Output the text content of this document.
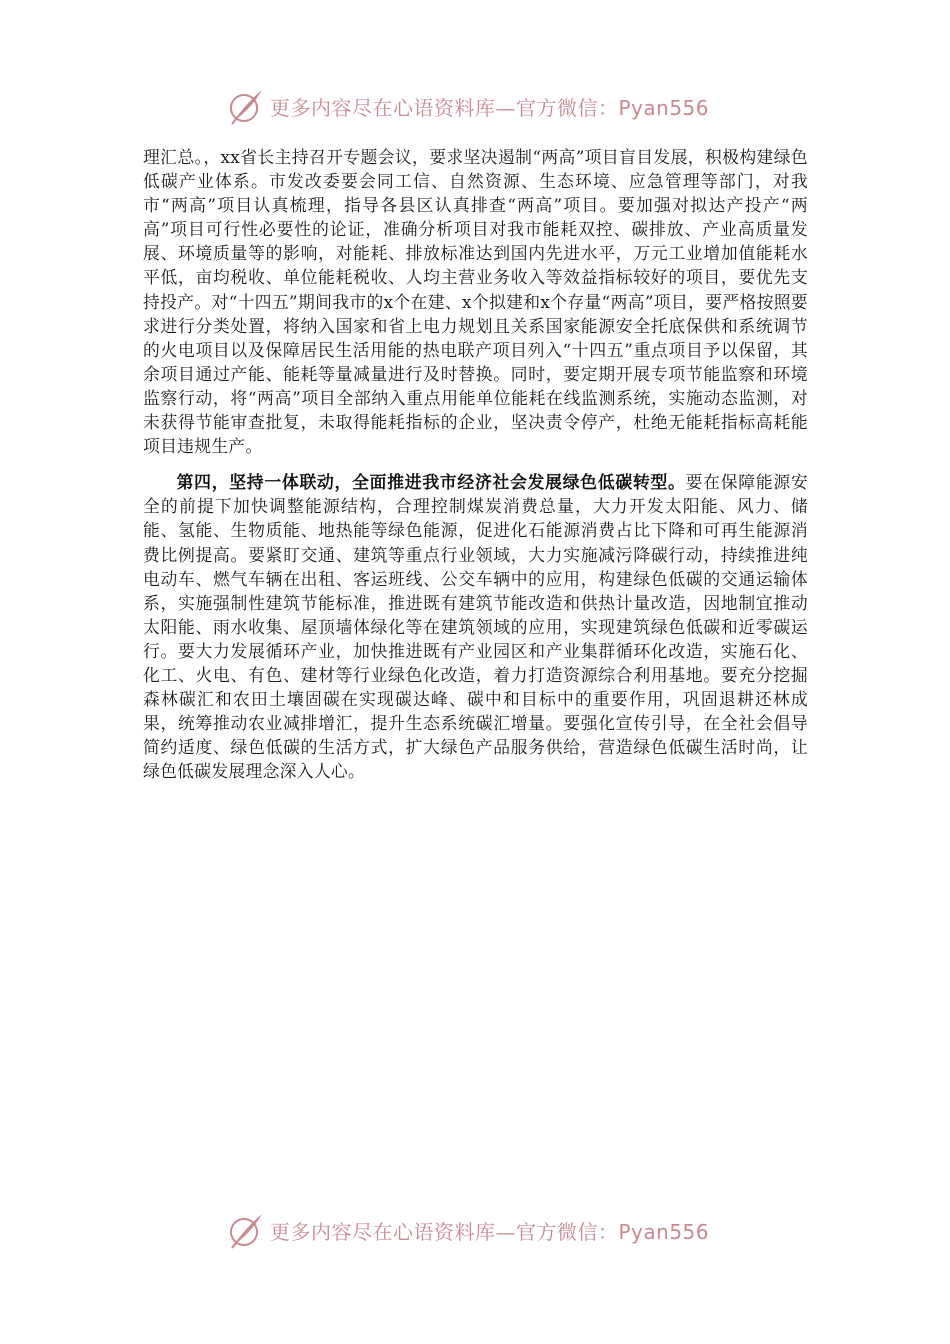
更多内容尽在心语资料库—官方微信：Pyan556

理汇总。，xx省长主持召开专题会议，要求坚决遏制“两高”项目盲目发展，积极构建绿色低碳产业体系。市发改委要会同工信、自然资源、生态环境、应急管理等部门，对我市“两高”项目认真梳理，指导各县区认真排查“两高”项目。要加强对拟达产投产“两高”项目可行性必要性的论证，准确分析项目对我市能耗双控、碳排放、产业高质量发展、环境质量等的影响，对能耗、排放标准达到国内先进水平，万元工业增加值能耗水平低，亩均税收、单位能耗税收、人均主营业务收入等效益指标较好的项目，要优先支持投产。对“十四五”期间我市的x个在建、x个拟建和x个存量“两高”项目，要严格按照要求进行分类处置，将纳入国家和省上电力规划且关系国家能源安全托底保供和系统调节的火电项目以及保障居民生活用能的热电联产项目列入“十四五”重点项目予以保留，其余项目通过产能、能耗等量减量进行及时替换。同时，要定期开展专项节能监察和环境监察行动，将“两高”项目全部纳入重点用能单位能耗在线监测系统，实施动态监测，对未获得节能审查批复，未取得能耗指标的企业，坚决责令停产，杜绝无能耗指标高耗能项目违规生产。

第四，坚持一体联动，全面推进我市经济社会发展绿色低碳转型。要在保障能源安全的前提下加快调整能源结构，合理控制煤炭消费总量，大力开发太阳能、风力、储能、氢能、生物质能、地热能等绿色能源，促进化石能源消费占比下降和可再生能源消费比例提高。要紧盯交通、建筑等重点行业领域，大力实施减污降碳行动，持续推进纯电动车、燃气车辆在出租、客运班线、公交车辆中的应用，构建绿色低碳的交通运输体系，实施强制性建筑节能标准，推进既有建筑节能改造和供热计量改造，因地制宜推动太阳能、雨水收集、屋顶墙体绿化等在建筑领域的应用，实现建筑绿色低碳和近零碳运行。要大力发展循环产业，加快推进既有产业园区和产业集群循环化改造，实施石化、化工、火电、有色、建材等行业绿色化改造，着力打造资源综合利用基地。要充分挖掘森林碳汇和农田土壤固碳在实现碳达峰、碳中和目标中的重要作用，巩固退耕还林成果，统筹推动农业减排增汇，提升生态系统碳汇增量。要强化宣传引导，在全社会倡导简约适度、绿色低碳的生活方式，扩大绿色产品服务供给，营造绿色低碳生活时尚，让绿色低碳发展理念深入人心。

更多内容尽在心语资料库—官方微信：Pyan556
